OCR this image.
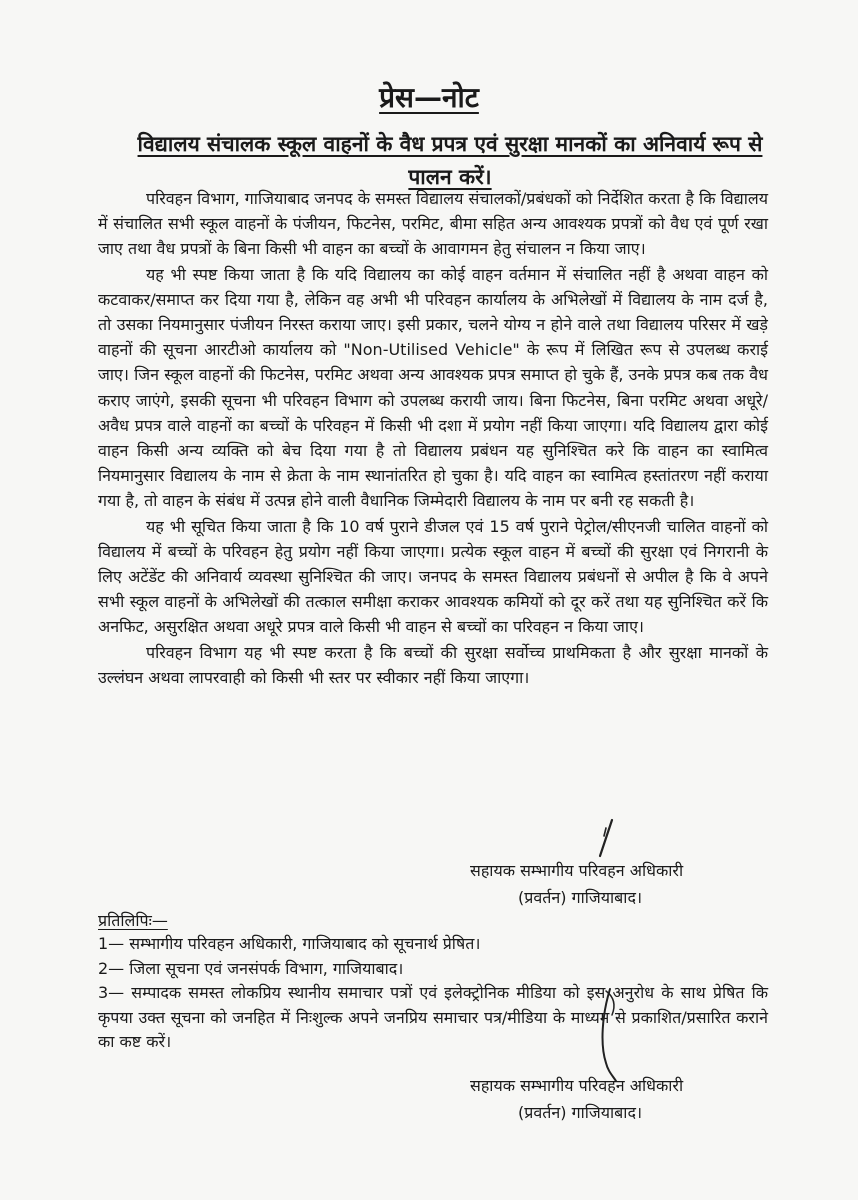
प्रेस—नोट
विद्यालय संचालक स्कूल वाहनों के वैध प्रपत्र एवं सुरक्षा मानकों का अनिवार्य रूप से पालन करें।

परिवहन विभाग, गाजियाबाद जनपद के समस्त विद्यालय संचालकों/प्रबंधकों को निर्देशित करता है कि विद्यालय में संचालित सभी स्कूल वाहनों के पंजीयन, फिटनेस, परमिट, बीमा सहित अन्य आवश्यक प्रपत्रों को वैध एवं पूर्ण रखा जाए तथा वैध प्रपत्रों के बिना किसी भी वाहन का बच्चों के आवागमन हेतु संचालन न किया जाए।

यह भी स्पष्ट किया जाता है कि यदि विद्यालय का कोई वाहन वर्तमान में संचालित नहीं है अथवा वाहन को कटवाकर/समाप्त कर दिया गया है, लेकिन वह अभी भी परिवहन कार्यालय के अभिलेखों में विद्यालय के नाम दर्ज है, तो उसका नियमानुसार पंजीयन निरस्त कराया जाए। इसी प्रकार, चलने योग्य न होने वाले तथा विद्यालय परिसर में खड़े वाहनों की सूचना आरटीओ कार्यालय को "Non-Utilised Vehicle" के रूप में लिखित रूप से उपलब्ध कराई जाए। जिन स्कूल वाहनों की फिटनेस, परमिट अथवा अन्य आवश्यक प्रपत्र समाप्त हो चुके हैं, उनके प्रपत्र कब तक वैध कराए जाएंगे, इसकी सूचना भी परिवहन विभाग को उपलब्ध करायी जाय। बिना फिटनेस, बिना परमिट अथवा अधूरे/अवैध प्रपत्र वाले वाहनों का बच्चों के परिवहन में किसी भी दशा में प्रयोग नहीं किया जाएगा। यदि विद्यालय द्वारा कोई वाहन किसी अन्य व्यक्ति को बेच दिया गया है तो विद्यालय प्रबंधन यह सुनिश्चित करे कि वाहन का स्वामित्व नियमानुसार विद्यालय के नाम से क्रेता के नाम स्थानांतरित हो चुका है। यदि वाहन का स्वामित्व हस्तांतरण नहीं कराया गया है, तो वाहन के संबंध में उत्पन्न होने वाली वैधानिक जिम्मेदारी विद्यालय के नाम पर बनी रह सकती है।

यह भी सूचित किया जाता है कि 10 वर्ष पुराने डीजल एवं 15 वर्ष पुराने पेट्रोल/सीएनजी चालित वाहनों को विद्यालय में बच्चों के परिवहन हेतु प्रयोग नहीं किया जाएगा। प्रत्येक स्कूल वाहन में बच्चों की सुरक्षा एवं निगरानी के लिए अटेंडेंट की अनिवार्य व्यवस्था सुनिश्चित की जाए। जनपद के समस्त विद्यालय प्रबंधनों से अपील है कि वे अपने सभी स्कूल वाहनों के अभिलेखों की तत्काल समीक्षा कराकर आवश्यक कमियों को दूर करें तथा यह सुनिश्चित करें कि अनफिट, असुरक्षित अथवा अधूरे प्रपत्र वाले किसी भी वाहन से बच्चों का परिवहन न किया जाए।

परिवहन विभाग यह भी स्पष्ट करता है कि बच्चों की सुरक्षा सर्वोच्च प्राथमिकता है और सुरक्षा मानकों के उल्लंघन अथवा लापरवाही को किसी भी स्तर पर स्वीकार नहीं किया जाएगा।

सहायक सम्भागीय परिवहन अधिकारी
(प्रवर्तन) गाजियाबाद।
प्रतिलिपिः—
1— सम्भागीय परिवहन अधिकारी, गाजियाबाद को सूचनार्थ प्रेषित।
2— जिला सूचना एवं जनसंपर्क विभाग, गाजियाबाद।
3— सम्पादक समस्त लोकप्रिय स्थानीय समाचार पत्रों एवं इलेक्ट्रोनिक मीडिया को इस अनुरोध के साथ प्रेषित कि कृपया उक्त सूचना को जनहित में निःशुल्क अपने जनप्रिय समाचार पत्र/मीडिया के माध्यम से प्रकाशित/प्रसारित कराने का कष्ट करें।
सहायक सम्भागीय परिवहन अधिकारी
(प्रवर्तन) गाजियाबाद।
